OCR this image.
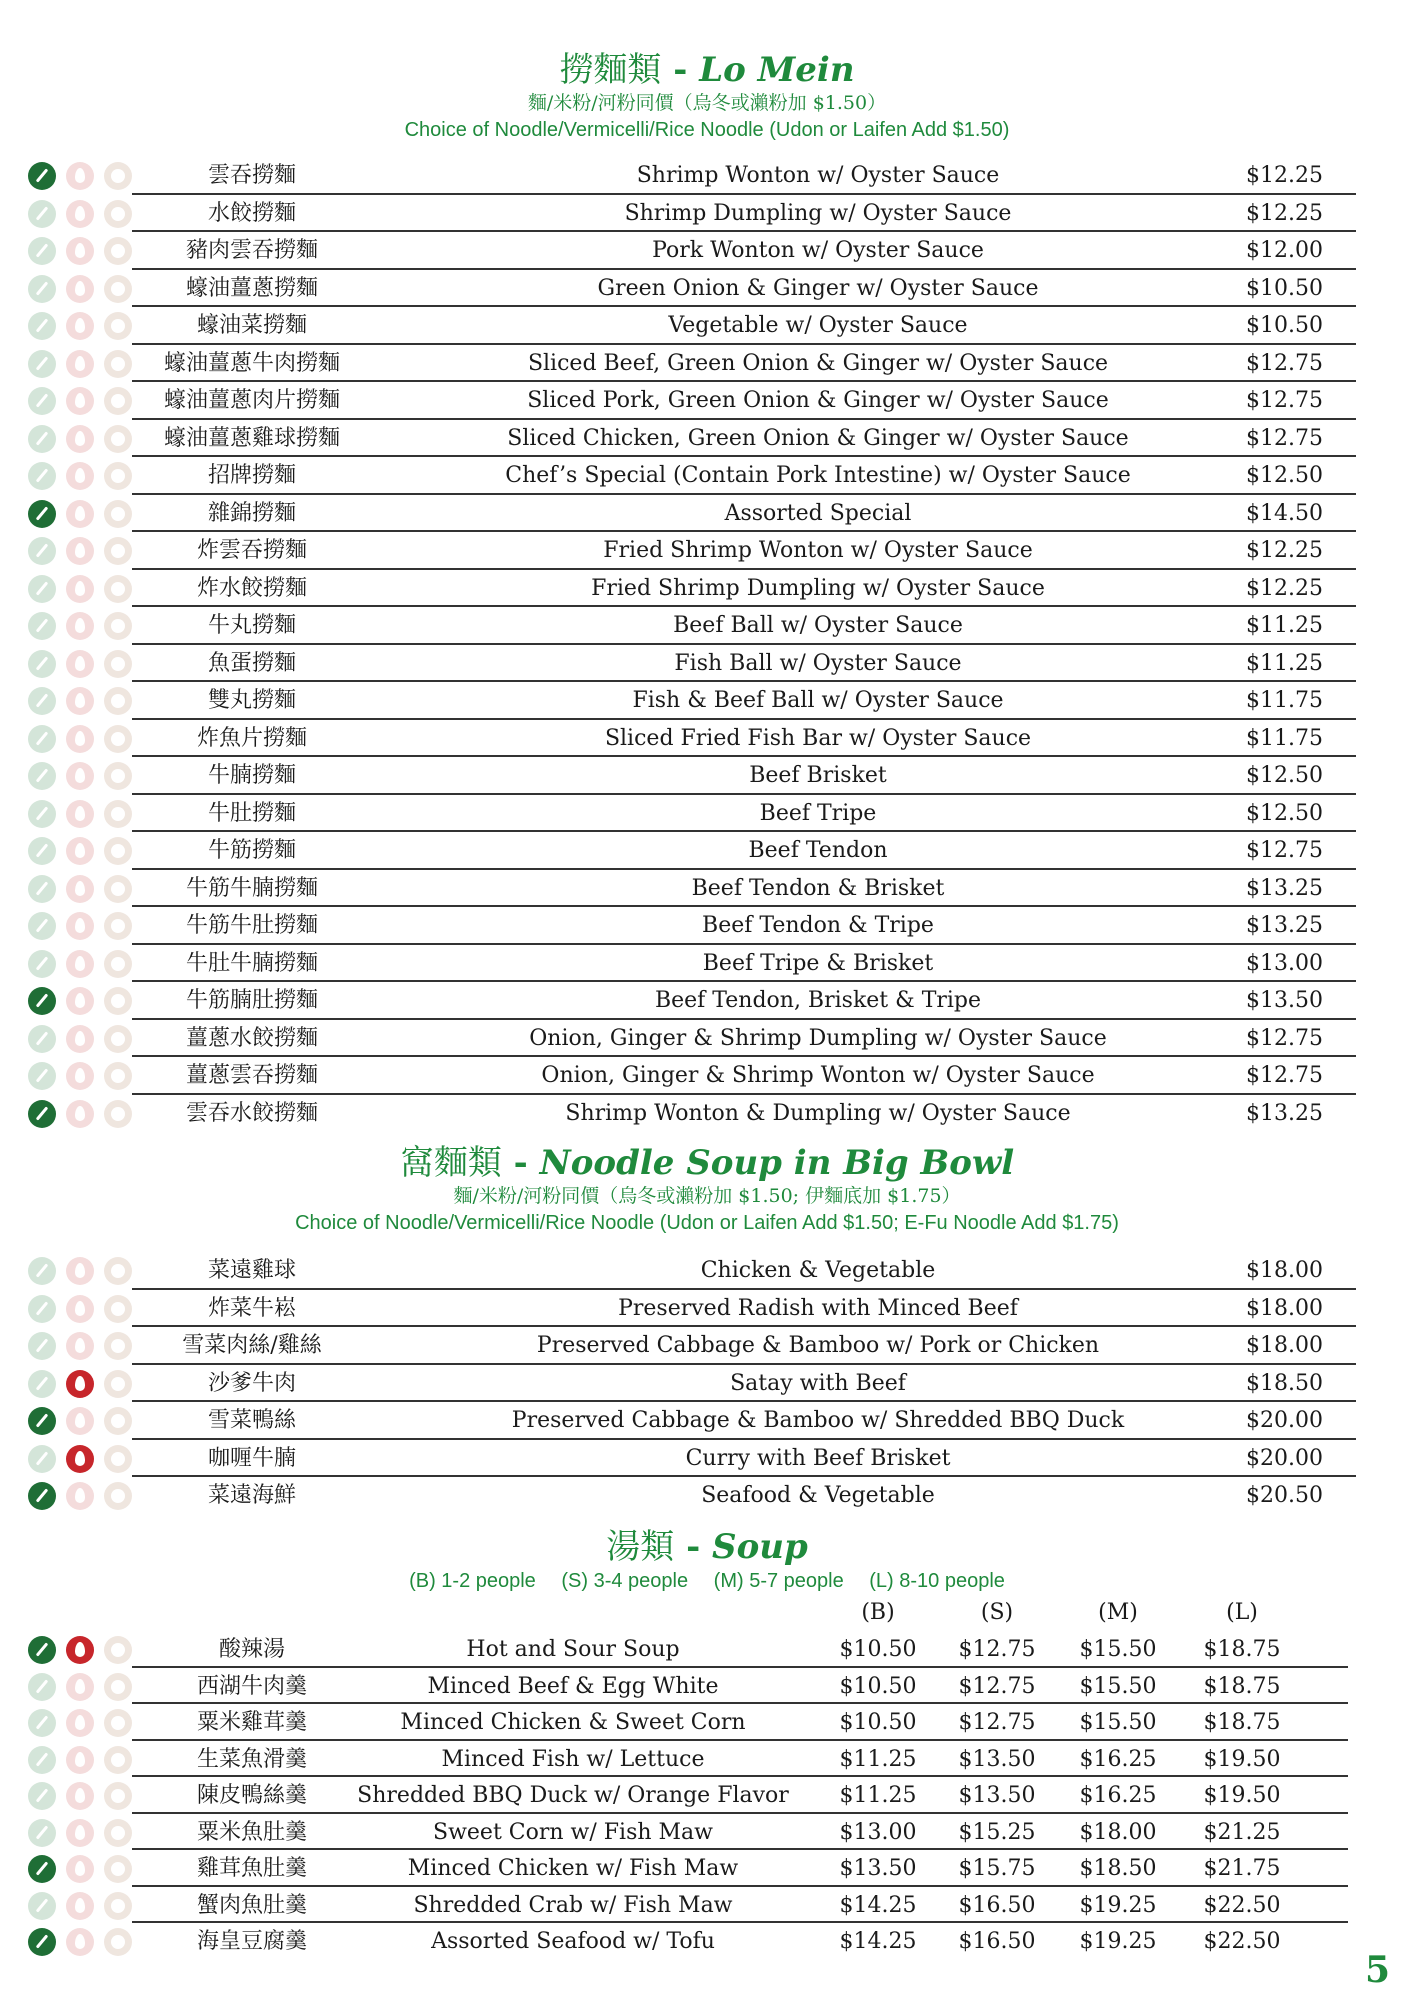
撈麵類 - Lo Mein
麵/米粉/河粉同價（烏冬或瀨粉加 $1.50）
Choice of Noodle/Vermicelli/Rice Noodle (Udon or Laifen Add $1.50)
雲吞撈麵	Shrimp Wonton w/ Oyster Sauce	$12.25
水餃撈麵	Shrimp Dumpling w/ Oyster Sauce	$12.25
豬肉雲吞撈麵	Pork Wonton w/ Oyster Sauce	$12.00
蠔油薑蔥撈麵	Green Onion & Ginger w/ Oyster Sauce	$10.50
蠔油菜撈麵	Vegetable w/ Oyster Sauce	$10.50
蠔油薑蔥牛肉撈麵	Sliced Beef, Green Onion & Ginger w/ Oyster Sauce	$12.75
蠔油薑蔥肉片撈麵	Sliced Pork, Green Onion & Ginger w/ Oyster Sauce	$12.75
蠔油薑蔥雞球撈麵	Sliced Chicken, Green Onion & Ginger w/ Oyster Sauce	$12.75
招牌撈麵	Chef’s Special (Contain Pork Intestine) w/ Oyster Sauce	$12.50
雜錦撈麵	Assorted Special	$14.50
炸雲吞撈麵	Fried Shrimp Wonton w/ Oyster Sauce	$12.25
炸水餃撈麵	Fried Shrimp Dumpling w/ Oyster Sauce	$12.25
牛丸撈麵	Beef Ball w/ Oyster Sauce	$11.25
魚蛋撈麵	Fish Ball w/ Oyster Sauce	$11.25
雙丸撈麵	Fish & Beef Ball w/ Oyster Sauce	$11.75
炸魚片撈麵	Sliced Fried Fish Bar w/ Oyster Sauce	$11.75
牛腩撈麵	Beef Brisket	$12.50
牛肚撈麵	Beef Tripe	$12.50
牛筋撈麵	Beef Tendon	$12.75
牛筋牛腩撈麵	Beef Tendon & Brisket	$13.25
牛筋牛肚撈麵	Beef Tendon & Tripe	$13.25
牛肚牛腩撈麵	Beef Tripe & Brisket	$13.00
牛筋腩肚撈麵	Beef Tendon, Brisket & Tripe	$13.50
薑蔥水餃撈麵	Onion, Ginger & Shrimp Dumpling w/ Oyster Sauce	$12.75
薑蔥雲吞撈麵	Onion, Ginger & Shrimp Wonton w/ Oyster Sauce	$12.75
雲吞水餃撈麵	Shrimp Wonton & Dumpling w/ Oyster Sauce	$13.25
窩麵類 - Noodle Soup in Big Bowl
麵/米粉/河粉同價（烏冬或瀨粉加 $1.50; 伊麵底加 $1.75）
Choice of Noodle/Vermicelli/Rice Noodle (Udon or Laifen Add $1.50; E-Fu Noodle Add $1.75)
菜遠雞球	Chicken & Vegetable	$18.00
炸菜牛崧	Preserved Radish with Minced Beef	$18.00
雪菜肉絲/雞絲	Preserved Cabbage & Bamboo w/ Pork or Chicken	$18.00
沙爹牛肉	Satay with Beef	$18.50
雪菜鴨絲	Preserved Cabbage & Bamboo w/ Shredded BBQ Duck	$20.00
咖喱牛腩	Curry with Beef Brisket	$20.00
菜遠海鮮	Seafood & Vegetable	$20.50
湯類 - Soup
(B) 1-2 people　 (S) 3-4 people　 (M) 5-7 people　 (L) 8-10 people
(B)	(S)	(M)	(L)
酸辣湯	Hot and Sour Soup	$10.50 $12.75 $15.50 $18.75
西湖牛肉羹	Minced Beef & Egg White	$10.50 $12.75 $15.50 $18.75
粟米雞茸羹	Minced Chicken & Sweet Corn	$10.50 $12.75 $15.50 $18.75
生菜魚滑羹	Minced Fish w/ Lettuce	$11.25 $13.50 $16.25 $19.50
陳皮鴨絲羹	Shredded BBQ Duck w/ Orange Flavor	$11.25 $13.50 $16.25 $19.50
粟米魚肚羹	Sweet Corn w/ Fish Maw	$13.00 $15.25 $18.00 $21.25
雞茸魚肚羹	Minced Chicken w/ Fish Maw	$13.50 $15.75 $18.50 $21.75
蟹肉魚肚羹	Shredded Crab w/ Fish Maw	$14.25 $16.50 $19.25 $22.50
海皇豆腐羹	Assorted Seafood w/ Tofu	$14.25 $16.50 $19.25 $22.50
5
